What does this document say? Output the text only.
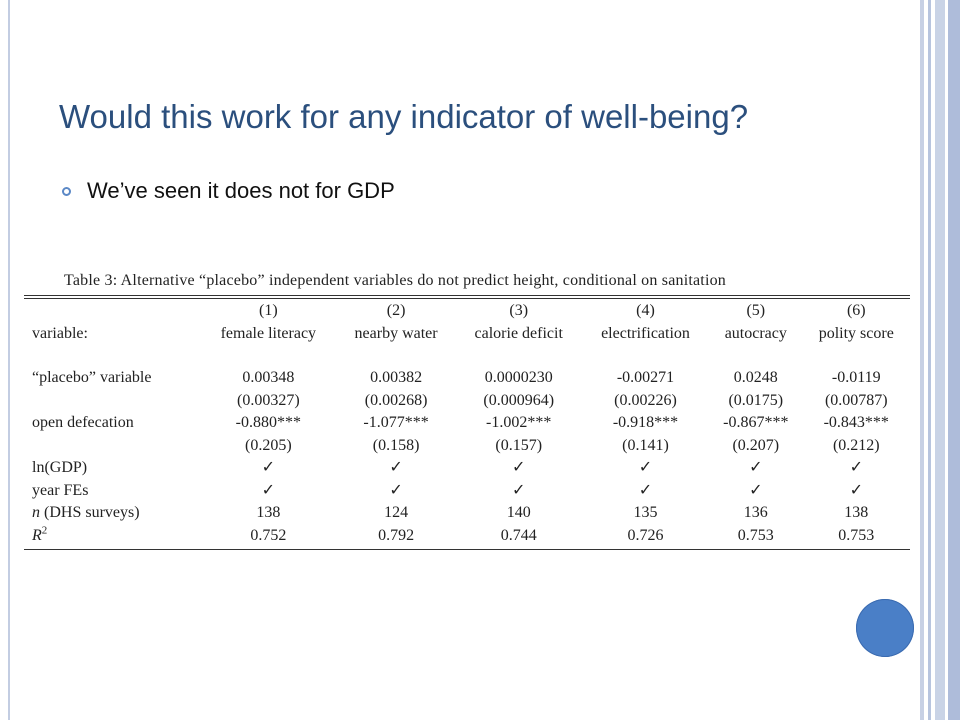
Would this work for any indicator of well-being?
We’ve seen it does not for GDP
Table 3: Alternative “placebo” independent variables do not predict height, conditional on sanitation
	(1)	(2)	(3)	(4)	(5)	(6)
variable:	female literacy	nearby water	calorie deficit	electrification	autocracy	polity score

“placebo” variable	0.00348	0.00382	0.0000230	-0.00271	0.0248	-0.0119
	(0.00327)	(0.00268)	(0.000964)	(0.00226)	(0.0175)	(0.00787)
open defecation	-0.880***	-1.077***	-1.002***	-0.918***	-0.867***	-0.843***
	(0.205)	(0.158)	(0.157)	(0.141)	(0.207)	(0.212)
ln(GDP)	✓	✓	✓	✓	✓	✓
year FEs	✓	✓	✓	✓	✓	✓
n (DHS surveys)	138	124	140	135	136	138
$R^2$	0.752	0.792	0.744	0.726	0.753	0.753
